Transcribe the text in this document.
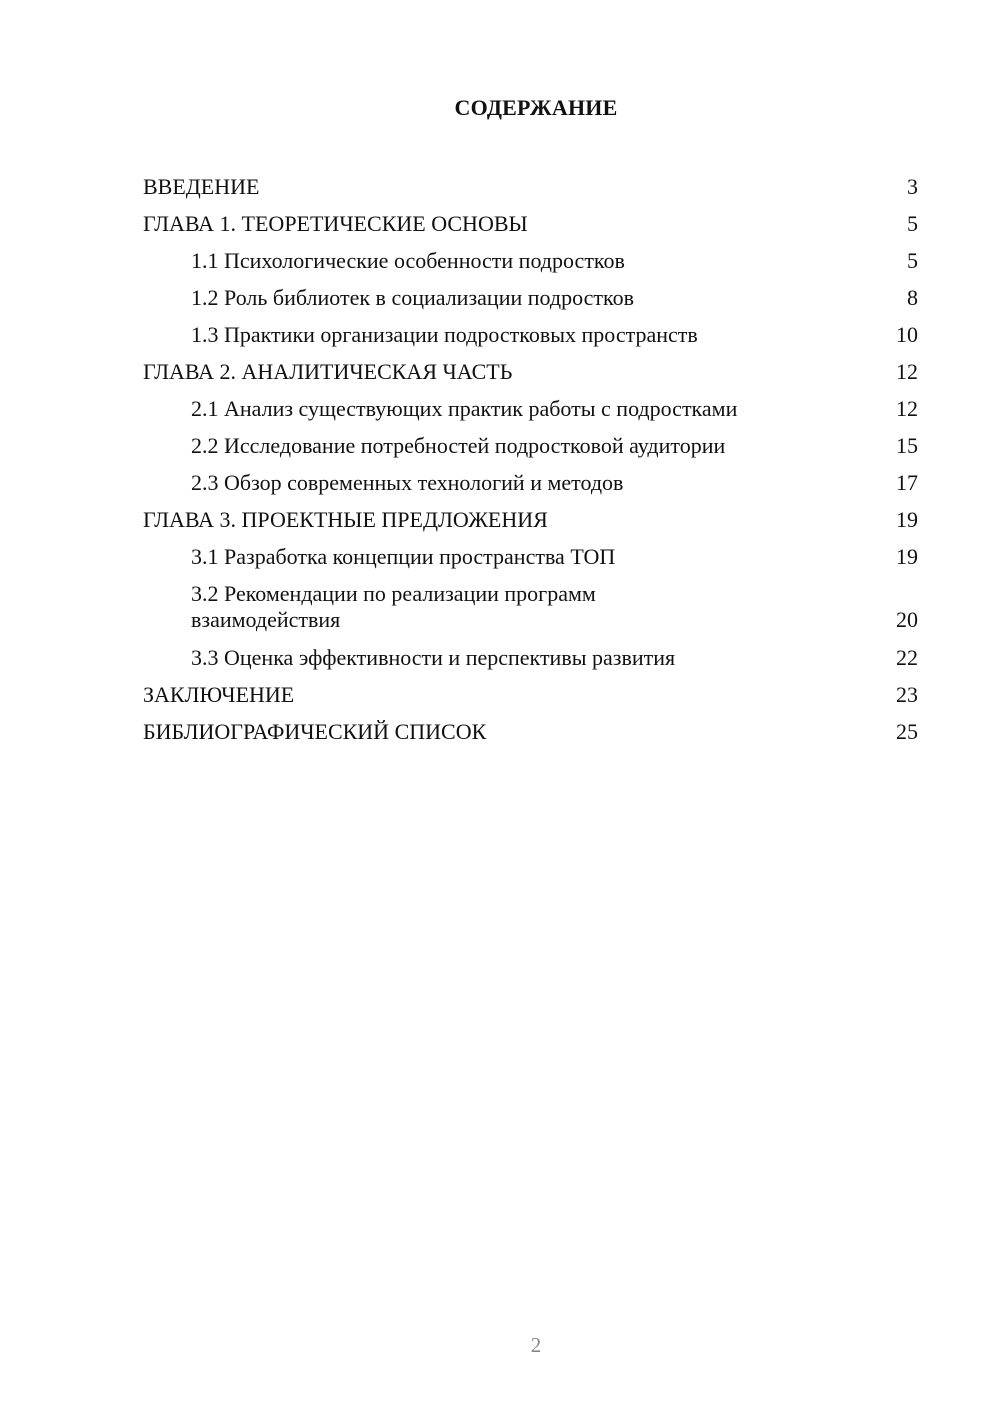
СОДЕРЖАНИЕ
ВВЕДЕНИЕ	3
ГЛАВА 1. ТЕОРЕТИЧЕСКИЕ ОСНОВЫ	5
1.1 Психологические особенности подростков	5
1.2 Роль библиотек в социализации подростков	8
1.3 Практики организации подростковых пространств	10
ГЛАВА 2. АНАЛИТИЧЕСКАЯ ЧАСТЬ	12
2.1 Анализ существующих практик работы с подростками	12
2.2 Исследование потребностей подростковой аудитории	15
2.3 Обзор современных технологий и методов	17
ГЛАВА 3. ПРОЕКТНЫЕ ПРЕДЛОЖЕНИЯ	19
3.1 Разработка концепции пространства ТОП	19
3.2 Рекомендации по реализации программ взаимодействия	20
3.3 Оценка эффективности и перспективы развития	22
ЗАКЛЮЧЕНИЕ	23
БИБЛИОГРАФИЧЕСКИЙ СПИСОК	25
2
